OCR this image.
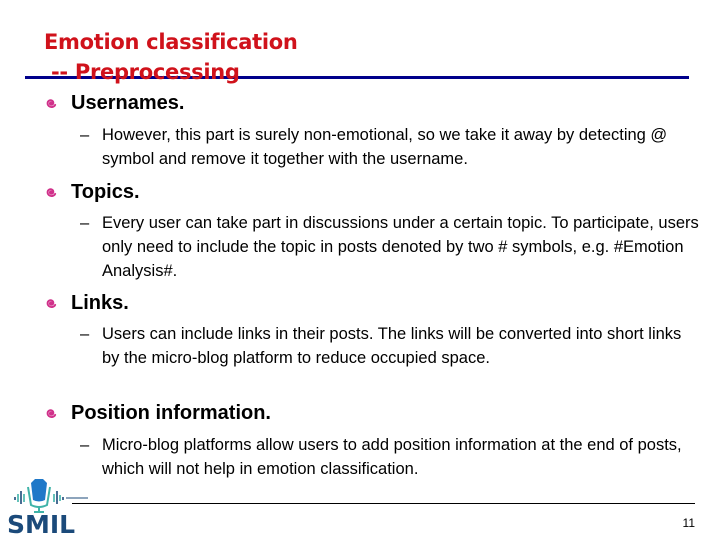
Emotion classification
-- Preprocessing
Usernames.
– However, this part is surely non-emotional, so we take it away by detecting @ symbol and remove it together with the username.
Topics.
– Every user can take part in discussions under a certain topic. To participate, users only need to include the topic in posts denoted by two # symbols, e.g. #Emotion Analysis#.
Links.
– Users can include links in their posts. The links will be converted into short links by the micro-blog platform to reduce occupied space.
Position information.
– Micro-blog platforms allow users to add position information at the end of posts, which will not help in emotion classification.
11
SMIL
